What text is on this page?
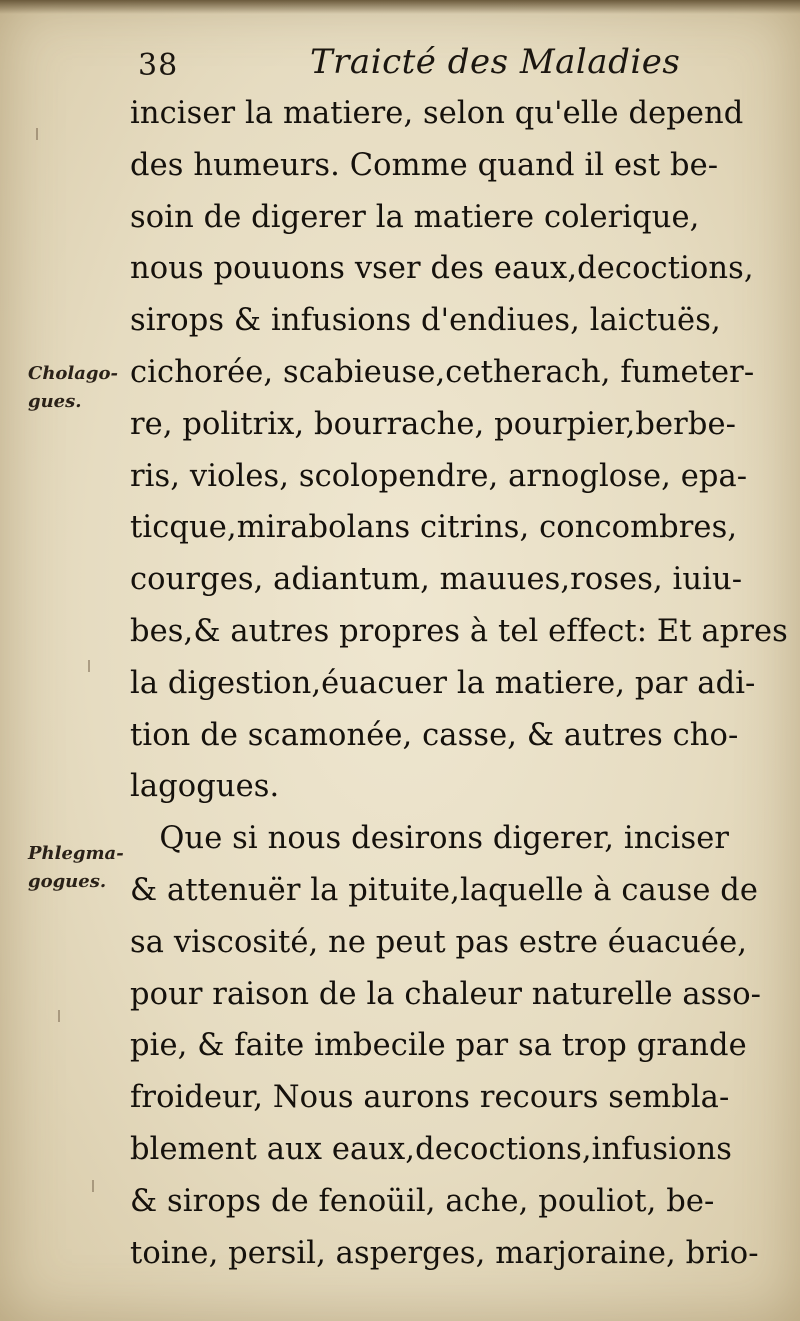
38	Traicté des Maladies
Cholago-
gues.
Phlegma-
gogues.
inciser la matiere, selon qu'elle depend
des humeurs. Comme quand il est be-
soin de digerer la matiere colerique,
nous pouuons vser des eaux,decoctions,
sirops & infusions d'endiues, laictuës,
cichorée, scabieuse,cetherach, fumeter-
re, politrix, bourrache, pourpier,berbe-
ris, violes, scolopendre, arnoglose, epa-
ticque,mirabolans citrins, concombres,
courges, adiantum, mauues,roses, iuiu-
bes,& autres propres à tel effect: Et apres
la digestion,éuacuer la matiere, par adi-
tion de scamonée, casse, & autres cho-
lagogues.
Que si nous desirons digerer, inciser
& attenuër la pituite,laquelle à cause de
sa viscosité, ne peut pas estre éuacuée,
pour raison de la chaleur naturelle asso-
pie, & faite imbecile par sa trop grande
froideur, Nous aurons recours sembla-
blement aux eaux,decoctions,infusions
& sirops de fenoüil, ache, pouliot, be-
toine, persil, asperges, marjoraine, brio-
